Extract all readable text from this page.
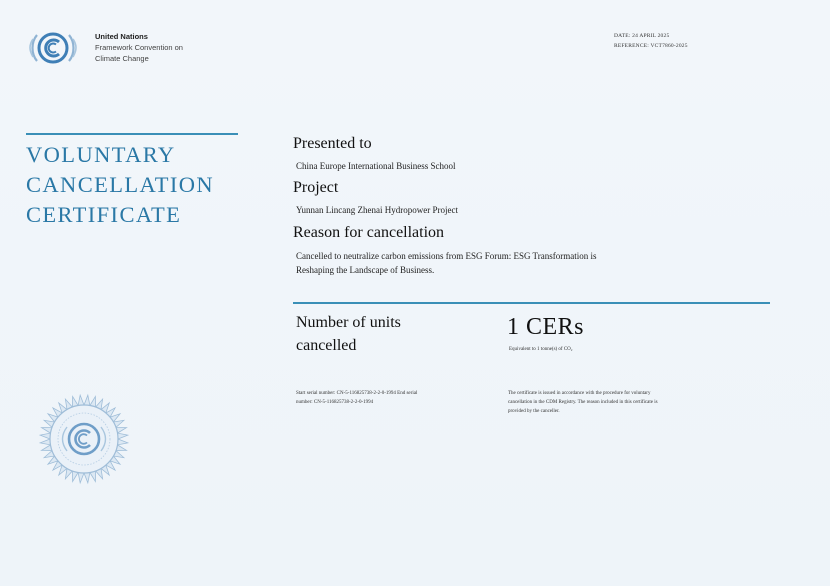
United Nations
Framework Convention on
Climate Change
DATE: 24 APRIL 2025
REFERENCE: VCT7860-2025
VOLUNTARY
CANCELLATION
CERTIFICATE
Presented to
China Europe International Business School
Project
Yunnan Lincang Zhenai Hydropower Project
Reason for cancellation
Cancelled to neutralize carbon emissions from ESG Forum: ESG Transformation is
Reshaping the Landscape of Business.
Number of units
cancelled
1 CERs
Equivalent to 1 tonne(s) of CO₂
Start serial number: CN-5-116825738-2-2-0-1994 End serial
number: CN-5-116825738-2-2-0-1994
The certificate is issued in accordance with the procedure for voluntary
cancellation in the CDM Registry. The reason included in this certificate is
provided by the canceller.
